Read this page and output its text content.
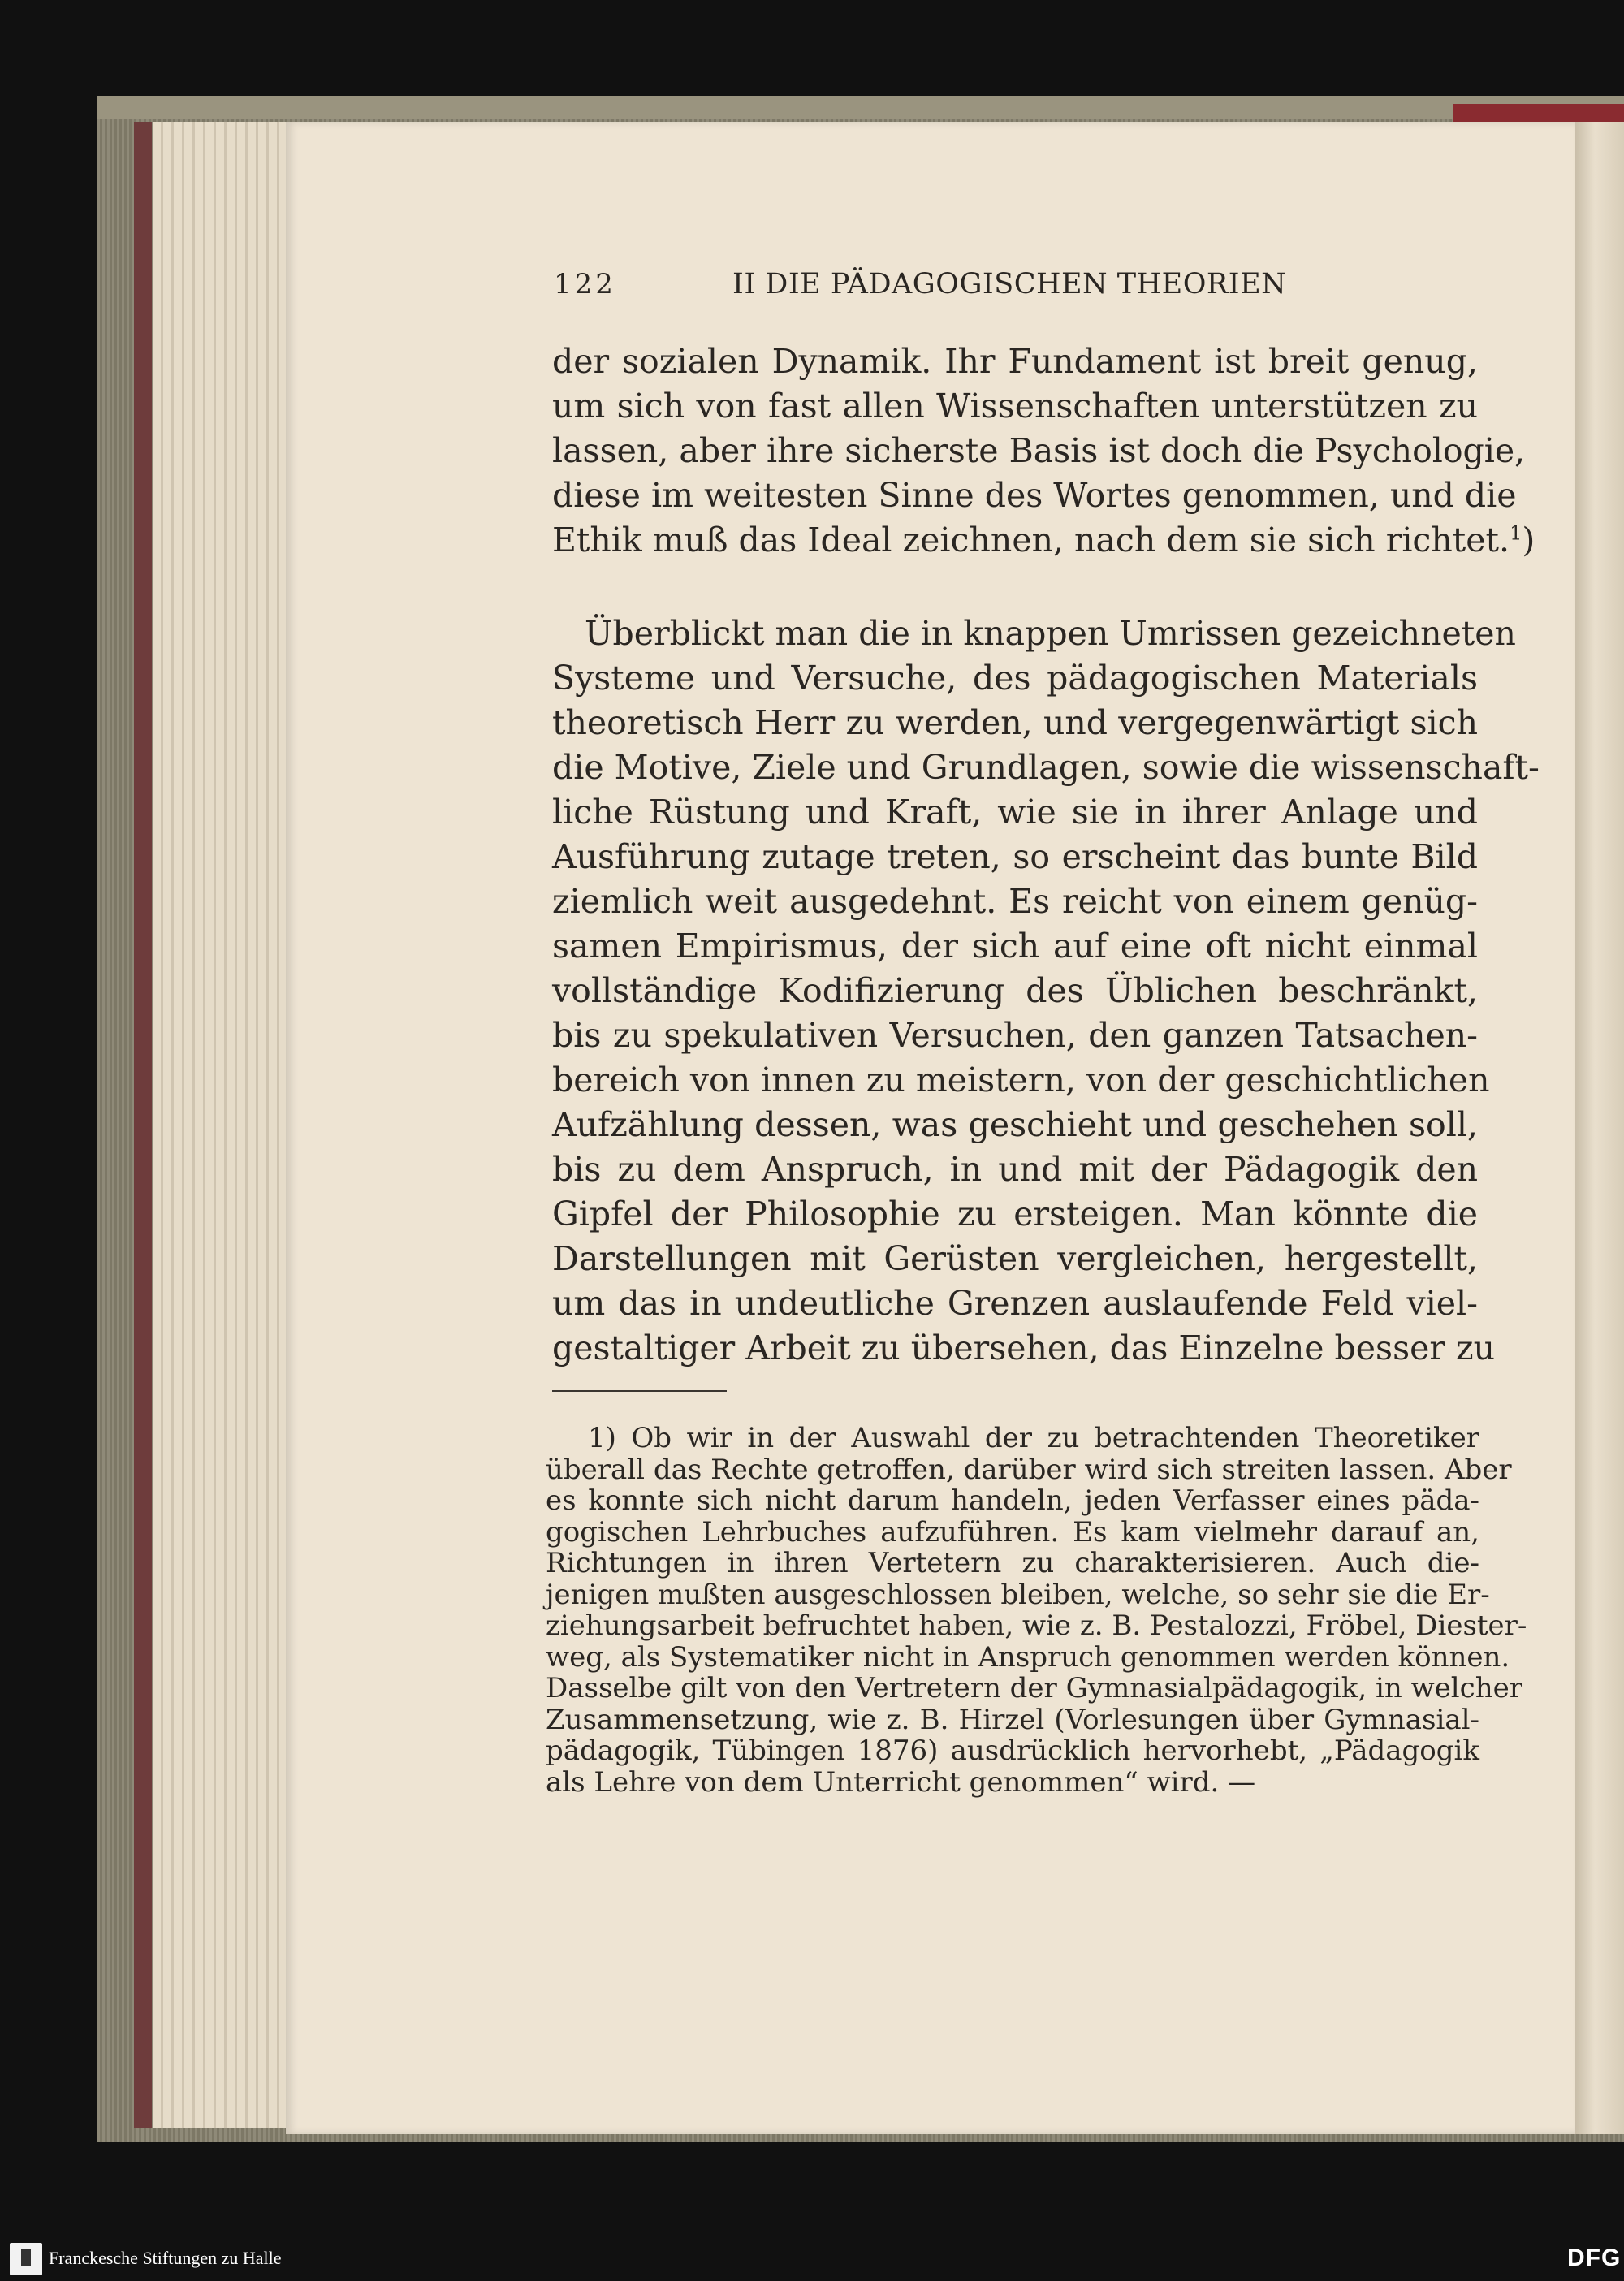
122	II DIE PÄDAGOGISCHEN THEORIEN
der sozialen Dynamik. Ihr Fundament ist breit genug,
um sich von fast allen Wissenschaften unterstützen zu
lassen, aber ihre sicherste Basis ist doch die Psychologie,
diese im weitesten Sinne des Wortes genommen, und die
Ethik muß das Ideal zeichnen, nach dem sie sich richtet.$^1$)
Überblickt man die in knappen Umrissen gezeichneten
Systeme und Versuche, des pädagogischen Materials
theoretisch Herr zu werden, und vergegenwärtigt sich
die Motive, Ziele und Grundlagen, sowie die wissenschaft-
liche Rüstung und Kraft, wie sie in ihrer Anlage und
Ausführung zutage treten, so erscheint das bunte Bild
ziemlich weit ausgedehnt. Es reicht von einem genüg-
samen Empirismus, der sich auf eine oft nicht einmal
vollständige Kodifizierung des Üblichen beschränkt,
bis zu spekulativen Versuchen, den ganzen Tatsachen-
bereich von innen zu meistern, von der geschichtlichen
Aufzählung dessen, was geschieht und geschehen soll,
bis zu dem Anspruch, in und mit der Pädagogik den
Gipfel der Philosophie zu ersteigen. Man könnte die
Darstellungen mit Gerüsten vergleichen, hergestellt,
um das in undeutliche Grenzen auslaufende Feld viel-
gestaltiger Arbeit zu übersehen, das Einzelne besser zu
1) Ob wir in der Auswahl der zu betrachtenden Theoretiker
überall das Rechte getroffen, darüber wird sich streiten lassen. Aber
es konnte sich nicht darum handeln, jeden Verfasser eines päda-
gogischen Lehrbuches aufzuführen. Es kam vielmehr darauf an,
Richtungen in ihren Vertetern zu charakterisieren. Auch die-
jenigen mußten ausgeschlossen bleiben, welche, so sehr sie die Er-
ziehungsarbeit befruchtet haben, wie z. B. Pestalozzi, Fröbel, Diester-
weg, als Systematiker nicht in Anspruch genommen werden können.
Dasselbe gilt von den Vertretern der Gymnasialpädagogik, in welcher
Zusammensetzung, wie z. B. Hirzel (Vorlesungen über Gymnasial-
pädagogik, Tübingen 1876) ausdrücklich hervorhebt, „Pädagogik
als Lehre von dem Unterricht genommen“ wird. —
Franckesche Stiftungen zu Halle	DFG
